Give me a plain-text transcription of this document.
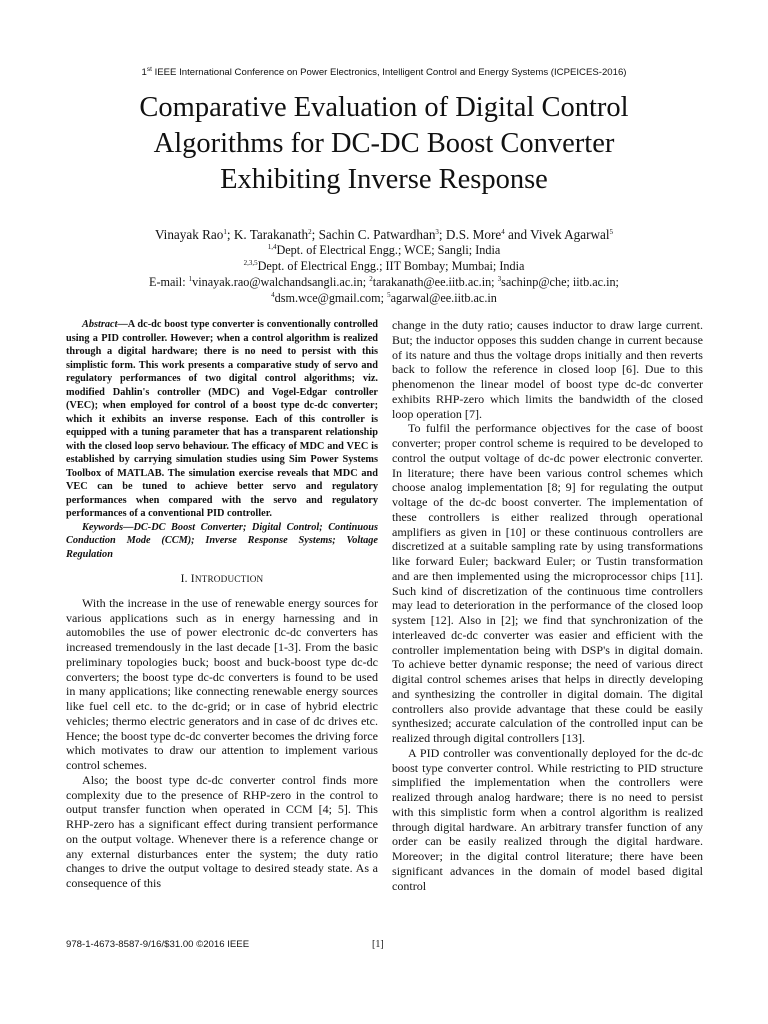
1st IEEE International Conference on Power Electronics, Intelligent Control and Energy Systems (ICPEICES-2016)
Comparative Evaluation of Digital Control
Algorithms for DC-DC Boost Converter
Exhibiting Inverse Response
Vinayak Rao$^1$; K. Tarakanath$^2$; Sachin C. Patwardhan$^3$; D.S. More$^4$ and Vivek Agarwal$^5$
$^{1,4}$Dept. of Electrical Engg.; WCE; Sangli; India
$^{2,3,5}$Dept. of Electrical Engg.; IIT Bombay; Mumbai; India
E-mail: $^1$vinayak.rao@walchandsangli.ac.in; $^2$tarakanath@ee.iitb.ac.in; $^3$sachinp@che; iitb.ac.in;
$^4$dsm.wce@gmail.com; $^5$agarwal@ee.iitb.ac.in

Abstract—A dc-dc boost type converter is conventionally controlled using a PID controller. However; when a control algorithm is realized through a digital hardware; there is no need to persist with this simplistic form. This work presents a comparative study of servo and regulatory performances of two digital control algorithms; viz. modified Dahlin's controller (MDC) and Vogel-Edgar controller (VEC); when employed for control of a boost type dc-dc converter; which it exhibits an inverse response. Each of this controller is equipped with a tuning parameter that has a transparent relationship with the closed loop servo behaviour. The efficacy of MDC and VEC is established by carrying simulation studies using Sim Power Systems Toolbox of MATLAB. The simulation exercise reveals that MDC and VEC can be tuned to achieve better servo and regulatory performances when compared with the servo and regulatory performances of a conventional PID controller.

Keywords—DC-DC Boost Converter; Digital Control; Continuous Conduction Mode (CCM); Inverse Response Systems; Voltage Regulation

I. INTRODUCTION

With the increase in the use of renewable energy sources for various applications such as in energy harnessing and in automobiles the use of power electronic dc-dc converters has increased tremendously in the last decade [1-3]. From the basic preliminary topologies buck; boost and buck-boost type dc-dc converters; the boost type dc-dc converters is found to be used in many applications; like connecting renewable energy sources like fuel cell etc. to the dc-grid; or in case of hybrid electric vehicles; thermo electric generators and in case of dc drives etc. Hence; the boost type dc-dc converter becomes the driving force which motivates to draw our attention to implement various control schemes.

Also; the boost type dc-dc converter control finds more complexity due to the presence of RHP-zero in the control to output transfer function when operated in CCM [4; 5]. This RHP-zero has a significant effect during transient performance on the output voltage. Whenever there is a reference change or any external disturbances enter the system; the duty ratio changes to drive the output voltage to desired steady state. As a consequence of this

change in the duty ratio; causes inductor to draw large current. But; the inductor opposes this sudden change in current because of its nature and thus the voltage drops initially and then reverts back to follow the reference in closed loop [6]. Due to this phenomenon the linear model of boost type dc-dc converter exhibits RHP-zero which limits the bandwidth of the closed loop operation [7].

To fulfil the performance objectives for the case of boost converter; proper control scheme is required to be developed to control the output voltage of dc-dc power electronic converter. In literature; there have been various control schemes which choose analog implementation [8; 9] for regulating the output voltage of the dc-dc boost converter. The implementation of these controllers is either realized through operational amplifiers as given in [10] or these continuous controllers are discretized at a suitable sampling rate by using transformations like forward Euler; backward Euler; or Tustin transformation and are then implemented using the microprocessor chips [11]. Such kind of discretization of the continuous time controllers may lead to deterioration in the performance of the closed loop system [12]. Also in [2]; we find that synchronization of the interleaved dc-dc converter was easier and efficient with the controller implementation being with DSP's in digital domain. To achieve better dynamic response; the need of various direct digital control schemes arises that helps in directly developing and synthesizing the controller in digital domain. The digital controllers also provide advantage that these could be easily synthesized; accurate calculation of the controlled input can be realized through digital controllers [13].

A PID controller was conventionally deployed for the dc-dc boost type converter control. While restricting to PID structure simplified the implementation when the controllers were realized through analog hardware; there is no need to persist with this simplistic form when a control algorithm is realized through digital hardware. An arbitrary transfer function of any order can be easily realized through the digital hardware. Moreover; in the digital control literature; there have been significant advances in the domain of model based digital control

978-1-4673-8587-9/16/$31.00 ©2016 IEEE	[1]
